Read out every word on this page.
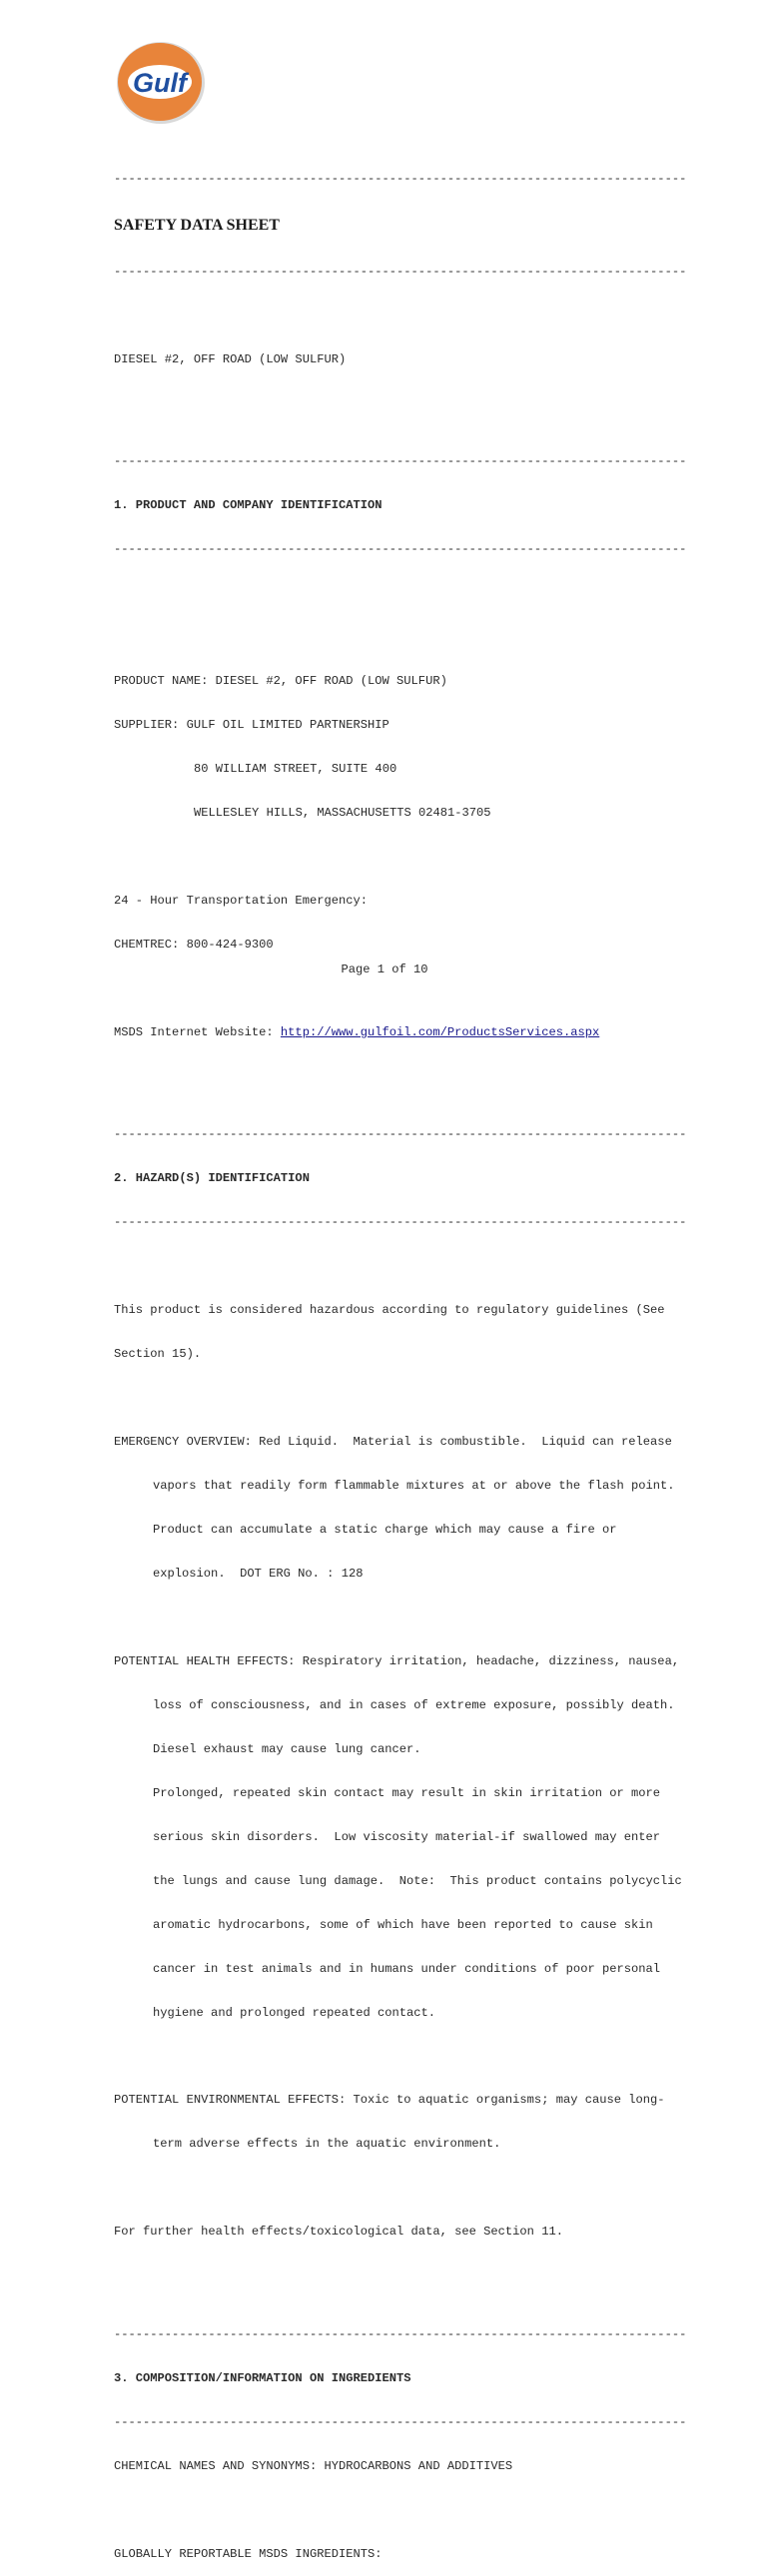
Gulf

-------------------------------------------------------------------------------

SAFETY DATA SHEET

-------------------------------------------------------------------------------

DIESEL #2, OFF ROAD (LOW SULFUR)

-------------------------------------------------------------------------------

1. PRODUCT AND COMPANY IDENTIFICATION

-------------------------------------------------------------------------------

PRODUCT NAME: DIESEL #2, OFF ROAD (LOW SULFUR)

SUPPLIER: GULF OIL LIMITED PARTNERSHIP

80 WILLIAM STREET, SUITE 400

WELLESLEY HILLS, MASSACHUSETTS 02481-3705

24 - Hour Transportation Emergency:

CHEMTREC: 800-424-9300

MSDS Internet Website: http://www.gulfoil.com/ProductsServices.aspx

-------------------------------------------------------------------------------

2. HAZARD(S) IDENTIFICATION

-------------------------------------------------------------------------------

This product is considered hazardous according to regulatory guidelines (See

Section 15).

EMERGENCY OVERVIEW: Red Liquid.  Material is combustible.  Liquid can release

vapors that readily form flammable mixtures at or above the flash point.

Product can accumulate a static charge which may cause a fire or

explosion.  DOT ERG No. : 128

POTENTIAL HEALTH EFFECTS: Respiratory irritation, headache, dizziness, nausea,

loss of consciousness, and in cases of extreme exposure, possibly death.

Diesel exhaust may cause lung cancer.

Prolonged, repeated skin contact may result in skin irritation or more

serious skin disorders.  Low viscosity material-if swallowed may enter

the lungs and cause lung damage.  Note:  This product contains polycyclic

aromatic hydrocarbons, some of which have been reported to cause skin

cancer in test animals and in humans under conditions of poor personal

hygiene and prolonged repeated contact.

POTENTIAL ENVIRONMENTAL EFFECTS: Toxic to aquatic organisms; may cause long-

term adverse effects in the aquatic environment.

For further health effects/toxicological data, see Section 11.

-------------------------------------------------------------------------------

3. COMPOSITION/INFORMATION ON INGREDIENTS

-------------------------------------------------------------------------------

CHEMICAL NAMES AND SYNONYMS: HYDROCARBONS AND ADDITIVES

GLOBALLY REPORTABLE MSDS INGREDIENTS:

Page 1 of 10
